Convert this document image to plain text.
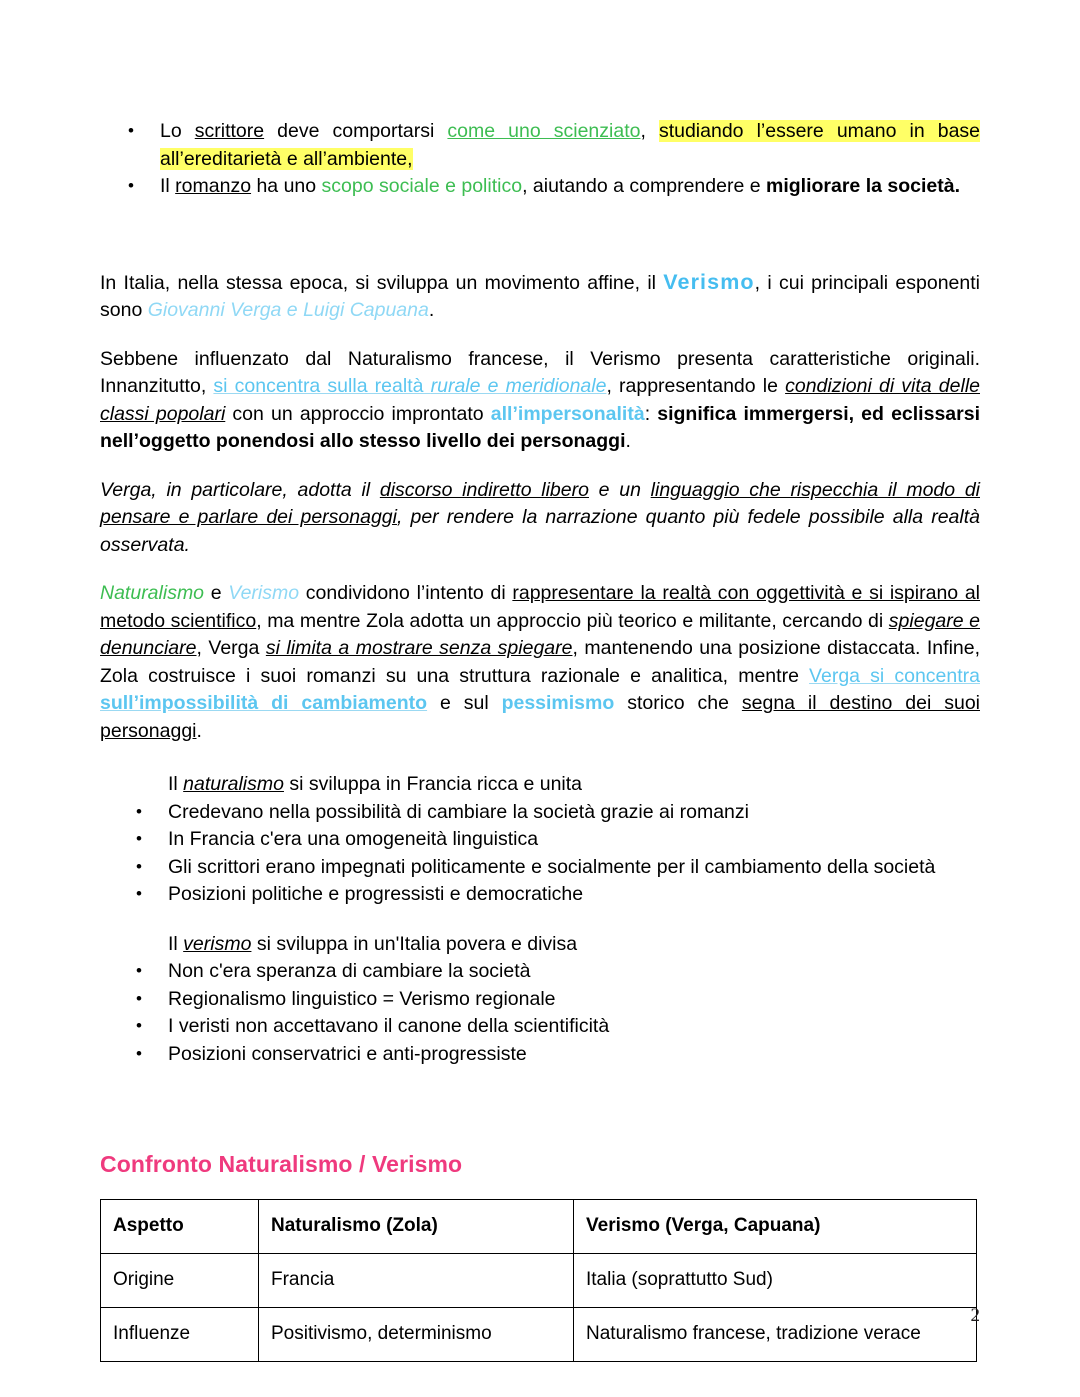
• Lo scrittore deve comportarsi come uno scienziato, studiando l’essere umano in base all’ereditarietà e all’ambiente,
• Il romanzo ha uno scopo sociale e politico, aiutando a comprendere e migliorare la società.

In Italia, nella stessa epoca, si sviluppa un movimento affine, il Verismo, i cui principali esponenti sono Giovanni Verga e Luigi Capuana.

Sebbene influenzato dal Naturalismo francese, il Verismo presenta caratteristiche originali. Innanzitutto, si concentra sulla realtà rurale e meridionale, rappresentando le condizioni di vita delle classi popolari con un approccio improntato all’impersonalità: significa immergersi, ed eclissarsi nell’oggetto ponendosi allo stesso livello dei personaggi.

Verga, in particolare, adotta il discorso indiretto libero e un linguaggio che rispecchia il modo di pensare e parlare dei personaggi, per rendere la narrazione quanto più fedele possibile alla realtà osservata.

Naturalismo e Verismo condividono l’intento di rappresentare la realtà con oggettività e si ispirano al metodo scientifico, ma mentre Zola adotta un approccio più teorico e militante, cercando di spiegare e denunciare, Verga si limita a mostrare senza spiegare, mantenendo una posizione distaccata. Infine, Zola costruisce i suoi romanzi su una struttura razionale e analitica, mentre Verga si concentra sull’impossibilità di cambiamento e sul pessimismo storico che segna il destino dei suoi personaggi.

Il naturalismo si sviluppa in Francia ricca e unita
• Credevano nella possibilità di cambiare la società grazie ai romanzi
• In Francia c'era una omogeneità linguistica
• Gli scrittori erano impegnati politicamente e socialmente per il cambiamento della società
• Posizioni politiche e progressisti e democratiche
Il verismo si sviluppa in un'Italia povera e divisa
• Non c'era speranza di cambiare la società
• Regionalismo linguistico = Verismo regionale
• I veristi non accettavano il canone della scientificità
• Posizioni conservatrici e anti-progressiste
Confronto Naturalismo / Verismo
Aspetto	Naturalismo (Zola)	Verismo (Verga, Capuana)
Origine	Francia	Italia (soprattutto Sud)
Influenze	Positivismo, determinismo	Naturalismo francese, tradizione verace
2
